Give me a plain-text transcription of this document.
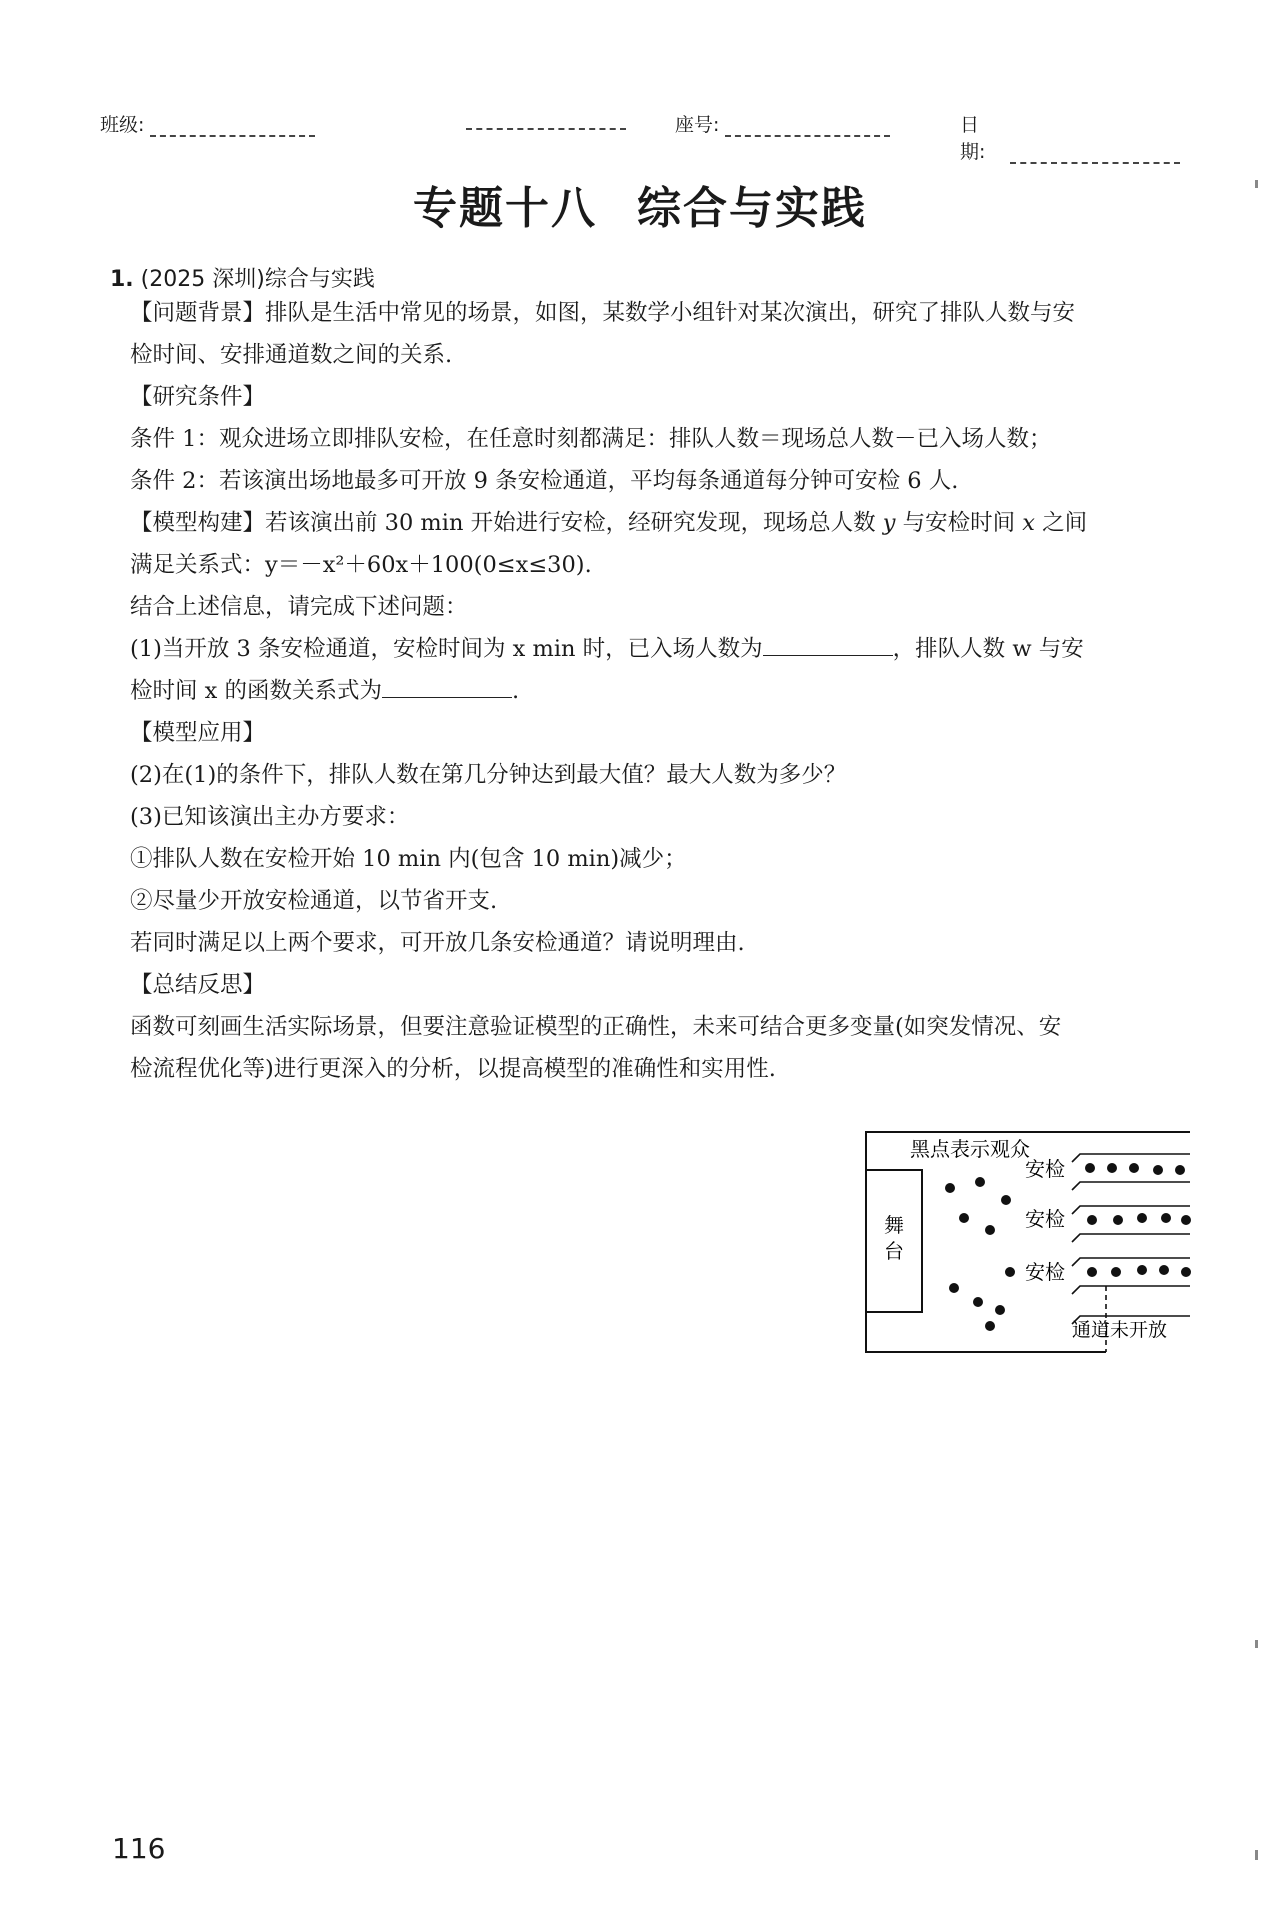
班级:	座号:	日期:
专题十八 综合与实践
1. (2025 深圳)综合与实践

【问题背景】排队是生活中常见的场景，如图，某数学小组针对某次演出，研究了排队人数与安

检时间、安排通道数之间的关系.

【研究条件】

条件 1：观众进场立即排队安检，在任意时刻都满足：排队人数＝现场总人数－已入场人数；

条件 2：若该演出场地最多可开放 9 条安检通道，平均每条通道每分钟可安检 6 人.

【模型构建】若该演出前 30 min 开始进行安检，经研究发现，现场总人数 y 与安检时间 x 之间

满足关系式：y＝－x²＋60x＋100(0≤x≤30).

结合上述信息，请完成下述问题：

(1)当开放 3 条安检通道，安检时间为 x min 时，已入场人数为	，排队人数 w 与安

检时间 x 的函数关系式为	.

【模型应用】

(2)在(1)的条件下，排队人数在第几分钟达到最大值？最大人数为多少？

(3)已知该演出主办方要求：

①排队人数在安检开始 10 min 内(包含 10 min)减少；

②尽量少开放安检通道，以节省开支.

若同时满足以上两个要求，可开放几条安检通道？请说明理由.

【总结反思】

函数可刻画生活实际场景，但要注意验证模型的正确性，未来可结合更多变量(如突发情况、安

检流程优化等)进行更深入的分析，以提高模型的准确性和实用性.

舞
台
黑点表示观众
安检
安检
安检
通道未开放
116
